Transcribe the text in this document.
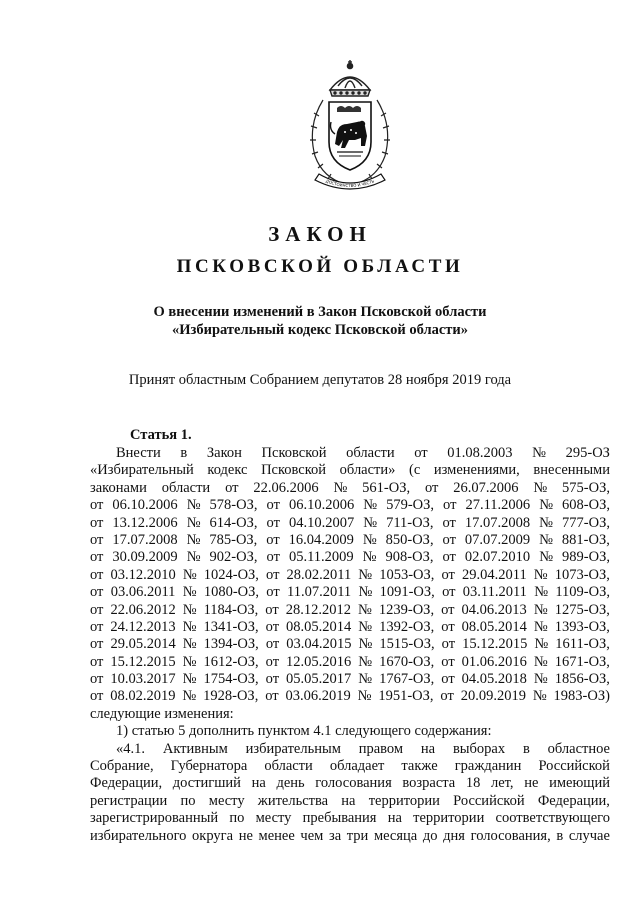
ДОСТОИНСТВО И ЧЕСТЬ
ЗАКОН
ПСКОВСКОЙ ОБЛАСТИ
О внесении изменений в Закон Псковской области
«Избирательный кодекс Псковской области»
Принят областным Собранием депутатов 28 ноября 2019 года
Статья 1.
Внести в Закон Псковской области от 01.08.2003 № 295-ОЗ
«Избирательный кодекс Псковской области» (с изменениями, внесенными
законами области от 22.06.2006 № 561-ОЗ, от 26.07.2006 № 575-ОЗ,
от 06.10.2006 № 578-ОЗ, от 06.10.2006 № 579-ОЗ, от 27.11.2006 № 608-ОЗ,
от 13.12.2006 № 614-ОЗ, от 04.10.2007 № 711-ОЗ, от 17.07.2008 № 777-ОЗ,
от 17.07.2008 № 785-ОЗ, от 16.04.2009 № 850-ОЗ, от 07.07.2009 № 881-ОЗ,
от 30.09.2009 № 902-ОЗ, от 05.11.2009 № 908-ОЗ, от 02.07.2010 № 989-ОЗ,
от 03.12.2010 № 1024-ОЗ, от 28.02.2011 № 1053-ОЗ, от 29.04.2011 № 1073-ОЗ,
от 03.06.2011 № 1080-ОЗ, от 11.07.2011 № 1091-ОЗ, от 03.11.2011 № 1109-ОЗ,
от 22.06.2012 № 1184-ОЗ, от 28.12.2012 № 1239-ОЗ, от 04.06.2013 № 1275-ОЗ,
от 24.12.2013 № 1341-ОЗ, от 08.05.2014 № 1392-ОЗ, от 08.05.2014 № 1393-ОЗ,
от 29.05.2014 № 1394-ОЗ, от 03.04.2015 № 1515-ОЗ, от 15.12.2015 № 1611-ОЗ,
от 15.12.2015 № 1612-ОЗ, от 12.05.2016 № 1670-ОЗ, от 01.06.2016 № 1671-ОЗ,
от 10.03.2017 № 1754-ОЗ, от 05.05.2017 № 1767-ОЗ, от 04.05.2018 № 1856-ОЗ,
от 08.02.2019 № 1928-ОЗ, от 03.06.2019 № 1951-ОЗ, от 20.09.2019 № 1983-ОЗ)
следующие изменения:
1) статью 5 дополнить пунктом 4.1 следующего содержания:
«4.1. Активным избирательным правом на выборах в областное
Собрание, Губернатора области обладает также гражданин Российской
Федерации, достигший на день голосования возраста 18 лет, не имеющий
регистрации по месту жительства на территории Российской Федерации,
зарегистрированный по месту пребывания на территории соответствующего
избирательного округа не менее чем за три месяца до дня голосования, в случае
